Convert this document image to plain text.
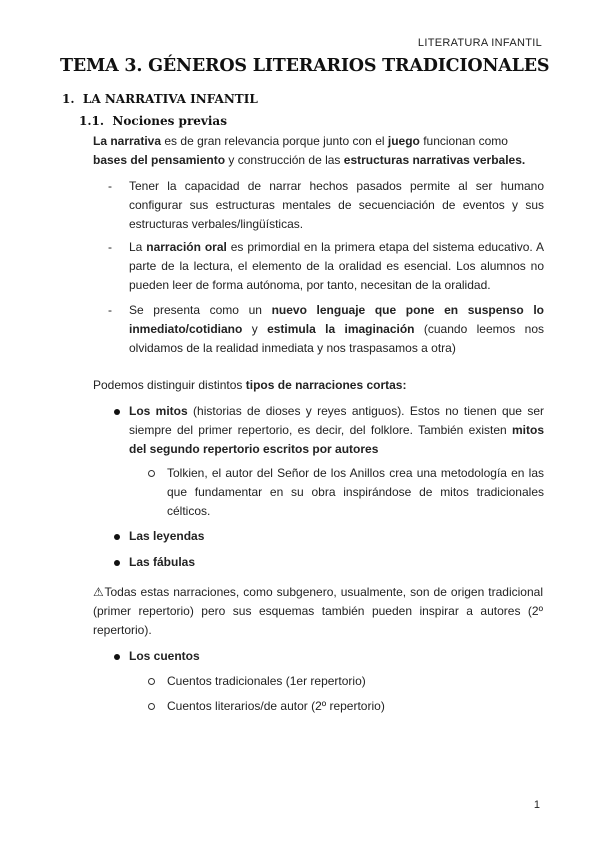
LITERATURA INFANTIL
TEMA 3. GÉNEROS LITERARIOS TRADICIONALES
1. LA NARRATIVA INFANTIL
1.1. Nociones previas

La narrativa es de gran relevancia porque junto con el juego funcionan como bases del pensamiento y construcción de las estructuras narrativas verbales.

- Tener la capacidad de narrar hechos pasados permite al ser humano configurar sus estructuras mentales de secuenciación de eventos y sus estructuras verbales/lingüísticas.
- La narración oral es primordial en la primera etapa del sistema educativo. A parte de la lectura, el elemento de la oralidad es esencial. Los alumnos no pueden leer de forma autónoma, por tanto, necesitan de la oralidad.
- Se presenta como un nuevo lenguaje que pone en suspenso lo inmediato/cotidiano y estimula la imaginación (cuando leemos nos olvidamos de la realidad inmediata y nos traspasamos a otra)

Podemos distinguir distintos tipos de narraciones cortas:

Los mitos (historias de dioses y reyes antiguos). Estos no tienen que ser siempre del primer repertorio, es decir, del folklore. También existen mitos del segundo repertorio escritos por autores
Tolkien, el autor del Señor de los Anillos crea una metodología en las que fundamentar en su obra inspirándose de mitos tradicionales célticos.
Las leyendas
Las fábulas

⚠Todas estas narraciones, como subgenero, usualmente, son de origen tradicional (primer repertorio) pero sus esquemas también pueden inspirar a autores (2º repertorio).

Los cuentos
Cuentos tradicionales (1er repertorio)
Cuentos literarios/de autor (2º repertorio)
1
